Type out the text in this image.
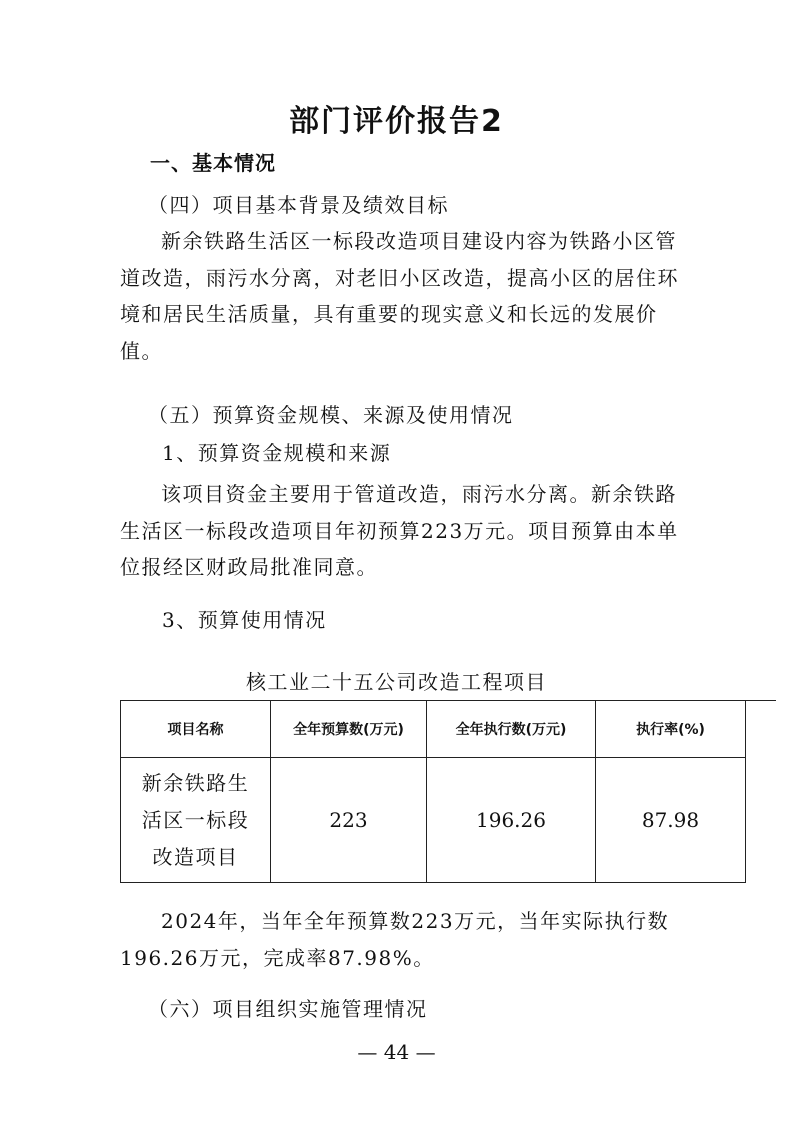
部门评价报告2
一、基本情况
（四）项目基本背景及绩效目标
新余铁路生活区一标段改造项目建设内容为铁路小区管道改造，雨污水分离，对老旧小区改造，提高小区的居住环境和居民生活质量，具有重要的现实意义和长远的发展价值。
（五）预算资金规模、来源及使用情况
1、预算资金规模和来源
该项目资金主要用于管道改造，雨污水分离。新余铁路生活区一标段改造项目年初预算223万元。项目预算由本单位报经区财政局批准同意。
3、预算使用情况
核工业二十五公司改造工程项目
项目名称	全年预算数(万元)	全年执行数(万元)	执行率(%)	

新余铁路生活区一标段改造项目	223	196.26	87.98	
2024年，当年全年预算数223万元，当年实际执行数196.26万元，完成率87.98%。
（六）项目组织实施管理情况
— 44 —
